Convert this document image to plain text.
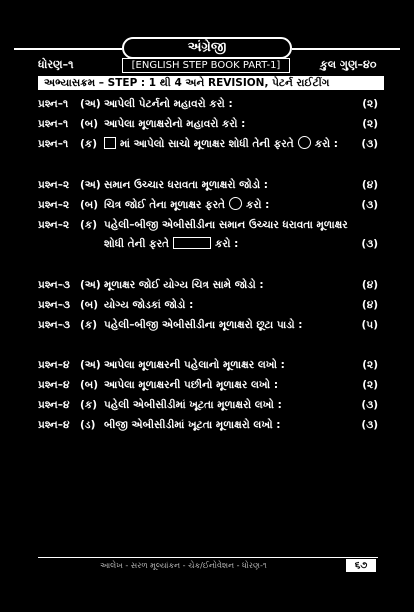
અંગ્રેજી
ધોરણ–૧	[ENGLISH STEP BOOK PART-1]	કુલ ગુણ–૪૦
અભ્યાસક્રમ – STEP : 1 થી 4 અને REVISION, પેટર્ન રાઈટીંગ
પ્રશ્ન–૧ (અ) આપેલી પેટર્નનો મહાવરો કરો :	(૨)
પ્રશ્ન–૧ (બ) આપેલા મૂળાક્ષરોનો મહાવરો કરો :	(૨)
પ્રશ્ન–૧ (ક)	માં આપેલો સાચો મૂળાક્ષર શોધી તેની ફરતે કરો : (૩)
પ્રશ્ન–૨ (અ) સમાન ઉચ્ચાર ધરાવતા મૂળાક્ષરો જોડો :	(૪)
પ્રશ્ન–૨ (બ) ચિત્ર જોઈ તેના મૂળાક્ષર ફરતે કરો :	(૩)
પ્રશ્ન–૨ (ક) પહેલી–બીજી એબીસીડીના સમાન ઉચ્ચાર ધરાવતા મૂળાક્ષર
શોધી તેની ફરતે	કરો :	(૩)
પ્રશ્ન–૩ (અ) મૂળાક્ષર જોઈ યોગ્ય ચિત્ર સામે જોડો :	(૪)
પ્રશ્ન–૩ (બ) યોગ્ય જોડકાં જોડો :	(૪)
પ્રશ્ન–૩ (ક) પહેલી–બીજી એબીસીડીના મૂળાક્ષરો છૂટા પાડો :	(૫)
પ્રશ્ન–૪ (અ) આપેલા મૂળાક્ષરની પહેલાનો મૂળાક્ષર લખો :	(૨)
પ્રશ્ન–૪ (બ) આપેલા મૂળાક્ષરની પછીનો મૂળાક્ષર લખો :	(૨)
પ્રશ્ન–૪ (ક) પહેલી એબીસીડીમાં ખૂટતા મૂળાક્ષરો લખો :	(૩)
પ્રશ્ન–૪ (ડ) બીજી એબીસીડીમાં ખૂટતા મૂળાક્ષરો લખો :	(૩)
આલેખ - સરળ મૂલ્યાંકન - ચેક/ઈનોવેશન - ધોરણ-૧	૬૭
